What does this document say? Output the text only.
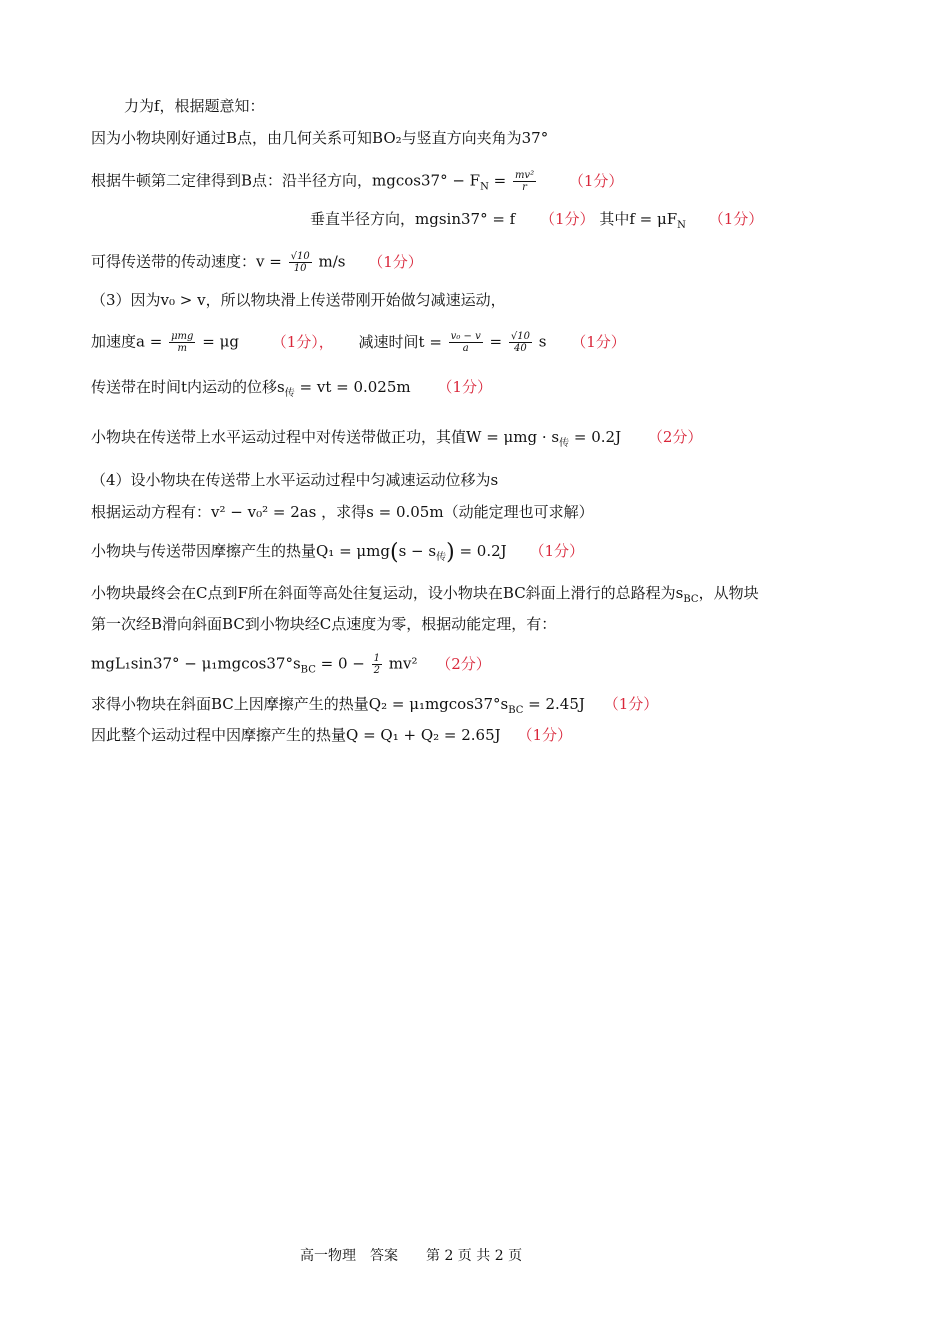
力为f，根据题意知：
因为小物块刚好通过B点，由几何关系可知BO₂与竖直方向夹角为37°
根据牛顿第二定律得到B点：沿半径方向，$mgcos37^\circ - F_N = \frac{\text{mv²}}{r} (1$分）
垂直半径方向，mgsin37° = f （1分） 其中$f = \mu F_N$ （1分）
可得传送带的传动速度：$v = \frac{√10}{10} m/s$ （1分）
（3）因为v₀ > v，所以物块滑上传送带刚开始做匀减速运动，
加速度$a = \frac{\text{μmg}}{m} = \mu g$ （1分）， 减速时间$t = \frac{\text{v₀ − v}}{a} = \frac{√10}{40}$ s （1分）
传送带在时间t内运动的位移$s_传$ = vt = 0.025m （1分）
小物块在传送带上水平运动过程中对传送带做正功，其值$W = \mu mg \cdot s_传 = 0.2J$ （2分）
（4）设小物块在传送带上水平运动过程中匀减速运动位移为s
根据运动方程有：v² − v₀² = 2as ，求得s = 0.05m（动能定理也可求解）
小物块与传送带因摩擦产生的热量$Q_1 = \mu mg(s - s_传) = 0.2J$ （1分）
小物块最终会在C点到F所在斜面等高处往复运动，设小物块在BC斜面上滑行的总路程为$s_{BC}$，从物块
第一次经B滑向斜面BC到小物块经C点速度为零，根据动能定理，有：
$mgL_1\sin 37^\circ - \mu_1mgcos37^\circ s_{BC} = 0 - \frac{1}{2} mv^2$ （2分）
求得小物块在斜面BC上因摩擦产生的热量$Q_2 = \mu_1mgcos37^\circ s_{BC} = 2.45J$ （1分）
因此整个运动过程中因摩擦产生的热量Q = Q₁ + Q₂ = 2.65J （1分）
高一物理　答案　　第 2 页 共 2 页
